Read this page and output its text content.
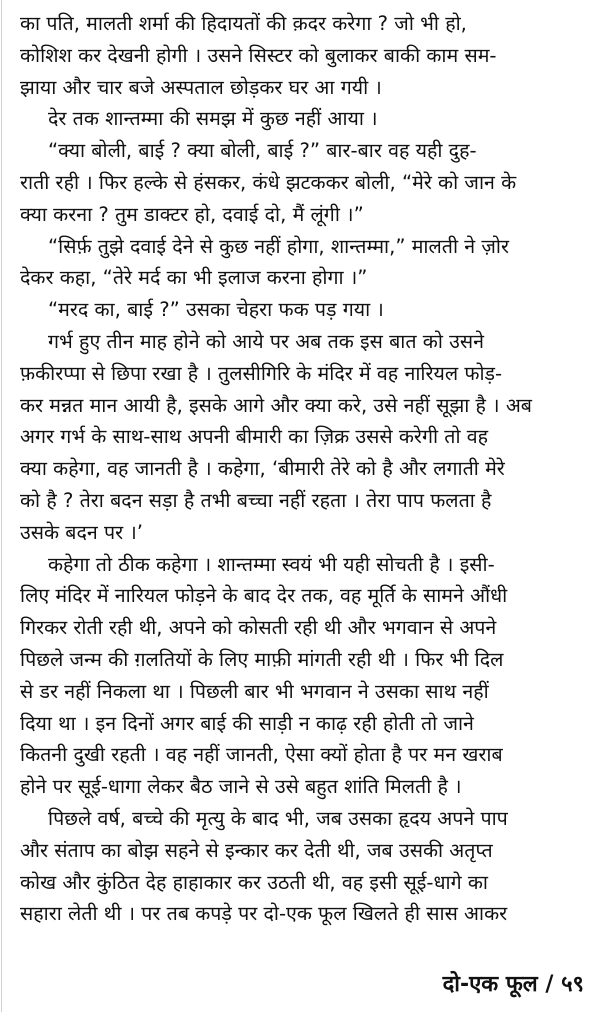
का पति, मालती शर्मा की हिदायतों की क़दर करेगा ? जो भी हो,
कोशिश कर देखनी होगी । उसने सिस्टर को बुलाकर बाकी काम सम-
झाया और चार बजे अस्पताल छोड़कर घर आ गयी ।
देर तक शान्तम्मा की समझ में कुछ नहीं आया ।
“क्या बोली, बाई ? क्या बोली, बाई ?” बार-बार वह यही दुह-
राती रही । फिर हल्के से हंसकर, कंधे झटककर बोली, “मेरे को जान के
क्या करना ? तुम डाक्टर हो, दवाई दो, मैं लूंगी ।”
“सिर्फ़ तुझे दवाई देने से कुछ नहीं होगा, शान्तम्मा,” मालती ने ज़ोर
देकर कहा, “तेरे मर्द का भी इलाज करना होगा ।”
“मरद का, बाई ?” उसका चेहरा फक पड़ गया ।
गर्भ हुए तीन माह होने को आये पर अब तक इस बात को उसने
फ़कीरप्पा से छिपा रखा है । तुलसीगिरि के मंदिर में वह नारियल फोड़-
कर मन्नत मान आयी है, इसके आगे और क्या करे, उसे नहीं सूझा है । अब
अगर गर्भ के साथ-साथ अपनी बीमारी का ज़िक्र उससे करेगी तो वह
क्या कहेगा, वह जानती है । कहेगा, ‘बीमारी तेरे को है और लगाती मेरे
को है ? तेरा बदन सड़ा है तभी बच्चा नहीं रहता । तेरा पाप फलता है
उसके बदन पर ।’
कहेगा तो ठीक कहेगा । शान्तम्मा स्वयं भी यही सोचती है । इसी-
लिए मंदिर में नारियल फोड़ने के बाद देर तक, वह मूर्ति के सामने औंधी
गिरकर रोती रही थी, अपने को कोसती रही थी और भगवान से अपने
पिछले जन्म की ग़लतियों के लिए माफ़ी मांगती रही थी । फिर भी दिल
से डर नहीं निकला था । पिछली बार भी भगवान ने उसका साथ नहीं
दिया था । इन दिनों अगर बाई की साड़ी न काढ़ रही होती तो जाने
कितनी दुखी रहती । वह नहीं जानती, ऐसा क्यों होता है पर मन खराब
होने पर सूई-धागा लेकर बैठ जाने से उसे बहुत शांति मिलती है ।
पिछले वर्ष, बच्चे की मृत्यु के बाद भी, जब उसका हृदय अपने पाप
और संताप का बोझ सहने से इन्कार कर देती थी, जब उसकी अतृप्त
कोख और कुंठित देह हाहाकार कर उठती थी, वह इसी सूई-धागे का
सहारा लेती थी । पर तब कपड़े पर दो-एक फूल खिलते ही सास आकर
दो-एक फूल / ५९
